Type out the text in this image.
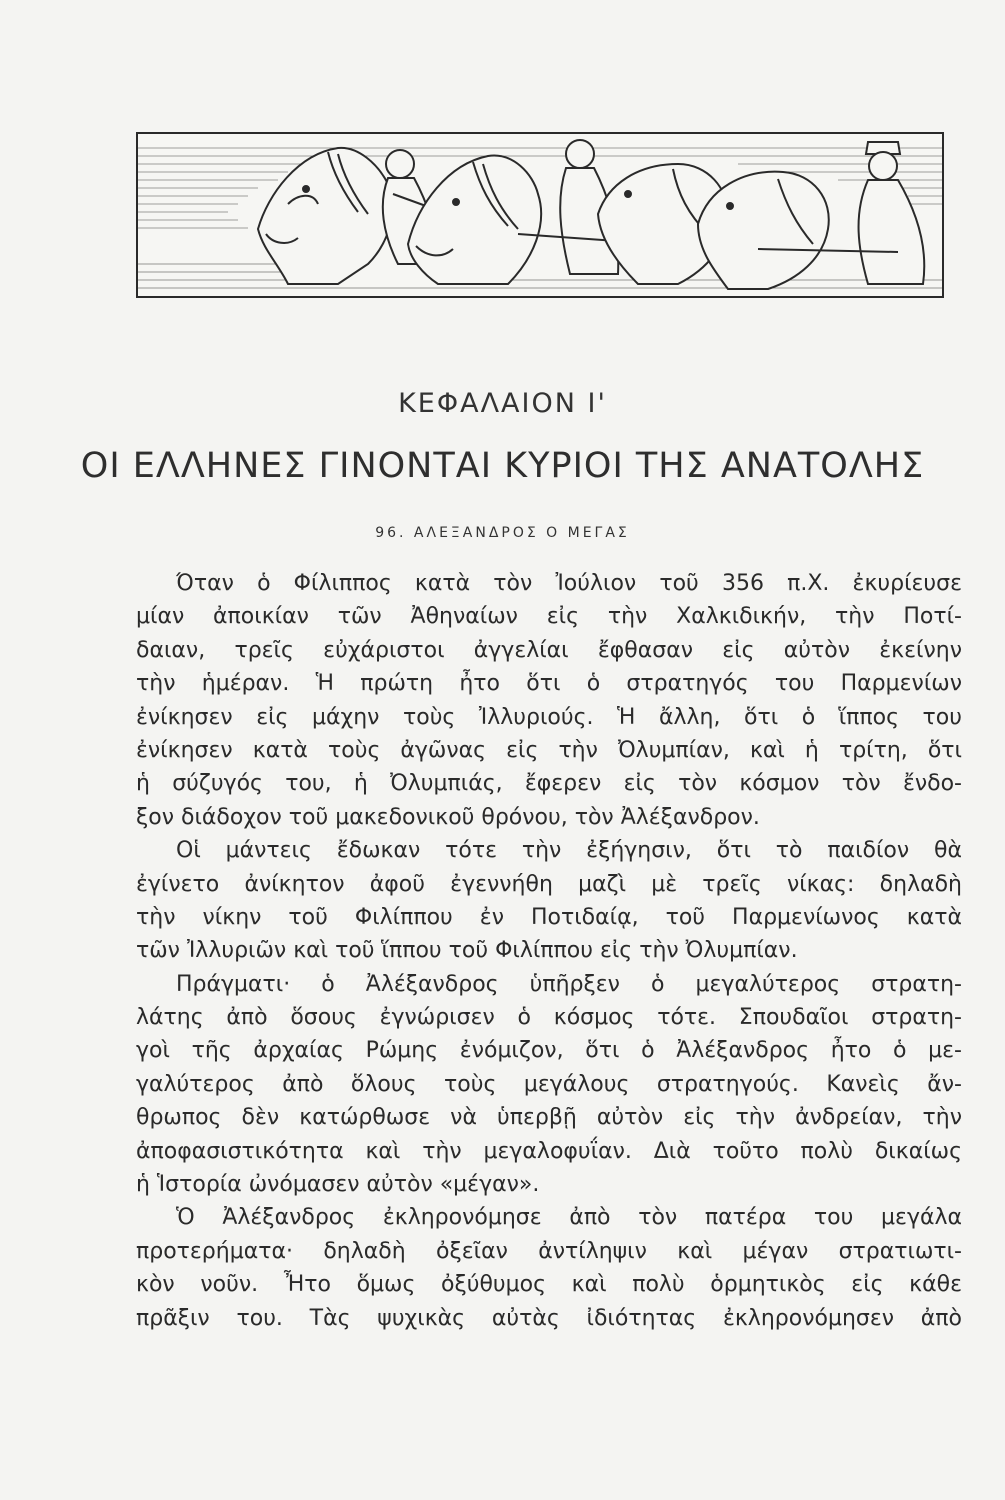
ΚΕΦΑΛΑΙΟΝ Ι'
ΟΙ ΕΛΛΗΝΕΣ ΓΙΝΟΝΤΑΙ ΚΥΡΙΟΙ ΤΗΣ ΑΝΑΤΟΛΗΣ
96. ΑΛΕΞΑΝΔΡΟΣ Ο ΜΕΓΑΣ
Όταν ὁ Φίλιππος κατὰ τὸν Ἰούλιον τοῦ 356 π.Χ. ἐκυρίευσε
μίαν ἀποικίαν τῶν Ἀθηναίων εἰς τὴν Χαλκιδικήν, τὴν Ποτί-
δαιαν, τρεῖς εὐχάριστοι ἀγγελίαι ἔφθασαν εἰς αὐτὸν ἐκείνην
τὴν ἡμέραν. Ἡ πρώτη ἦτο ὅτι ὁ στρατηγός του Παρμενίων
ἐνίκησεν εἰς μάχην τοὺς Ἰλλυριούς. Ἡ ἄλλη, ὅτι ὁ ἵππος του
ἐνίκησεν κατὰ τοὺς ἀγῶνας εἰς τὴν Ὀλυμπίαν, καὶ ἡ τρίτη, ὅτι
ἡ σύζυγός του, ἡ Ὀλυμπιάς, ἔφερεν εἰς τὸν κόσμον τὸν ἔνδο-
ξον διάδοχον τοῦ μακεδονικοῦ θρόνου, τὸν Ἀλέξανδρον.
Οἱ μάντεις ἔδωκαν τότε τὴν ἐξήγησιν, ὅτι τὸ παιδίον θὰ
ἐγίνετο ἀνίκητον ἀφοῦ ἐγεννήθη μαζὶ μὲ τρεῖς νίκας: δηλαδὴ
τὴν νίκην τοῦ Φιλίππου ἐν Ποτιδαίᾳ, τοῦ Παρμενίωνος κατὰ
τῶν Ἰλλυριῶν καὶ τοῦ ἵππου τοῦ Φιλίππου εἰς τὴν Ὀλυμπίαν.
Πράγματι· ὁ Ἀλέξανδρος ὑπῆρξεν ὁ μεγαλύτερος στρατη-
λάτης ἀπὸ ὅσους ἐγνώρισεν ὁ κόσμος τότε. Σπουδαῖοι στρατη-
γοὶ τῆς ἀρχαίας Ρώμης ἐνόμιζον, ὅτι ὁ Ἀλέξανδρος ἦτο ὁ με-
γαλύτερος ἀπὸ ὅλους τοὺς μεγάλους στρατηγούς. Κανεὶς ἄν-
θρωπος δὲν κατώρθωσε νὰ ὑπερβῇ αὐτὸν εἰς τὴν ἀνδρείαν, τὴν
ἀποφασιστικότητα καὶ τὴν μεγαλοφυΐαν. Διὰ τοῦτο πολὺ δικαίως
ἡ Ἱστορία ὠνόμασεν αὐτὸν «μέγαν».
Ὁ Ἀλέξανδρος ἐκληρονόμησε ἀπὸ τὸν πατέρα του μεγάλα
προτερήματα· δηλαδὴ ὀξεῖαν ἀντίληψιν καὶ μέγαν στρατιωτι-
κὸν νοῦν. Ἦτο ὅμως ὀξύθυμος καὶ πολὺ ὁρμητικὸς εἰς κάθε
πρᾶξιν του. Τὰς ψυχικὰς αὐτὰς ἰδιότητας ἐκληρονόμησεν ἀπὸ
